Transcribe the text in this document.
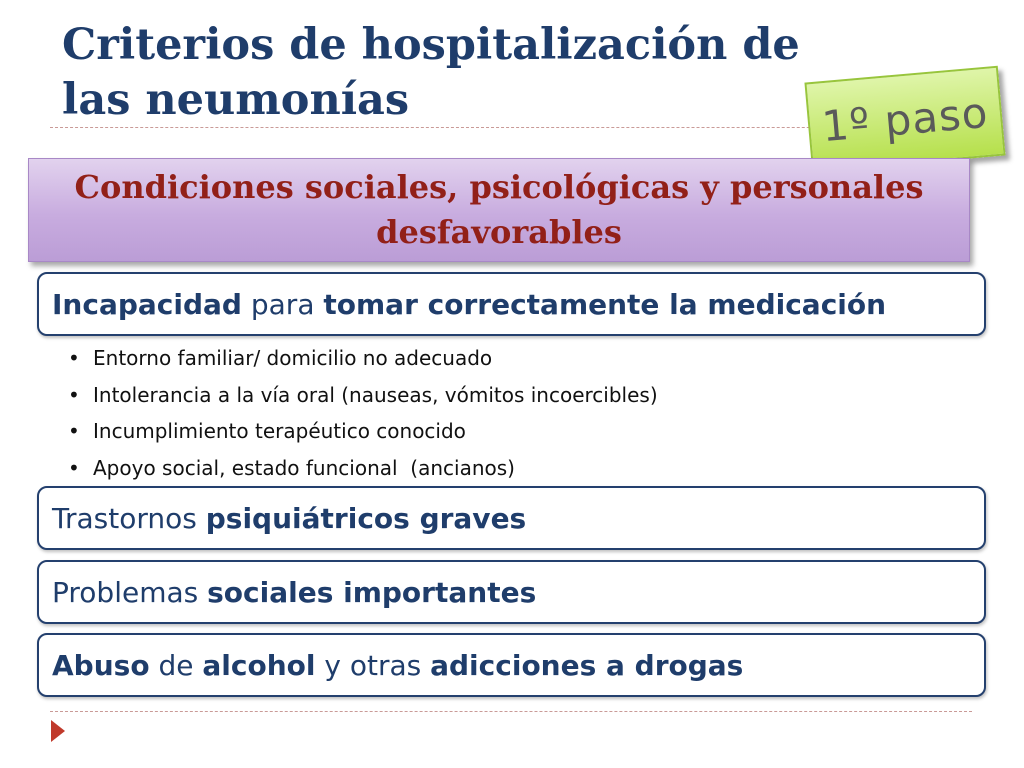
Criterios de hospitalización de
las neumonías	1º paso
Condiciones sociales, psicológicas y personales desfavorables
Incapacidad para tomar correctamente la medicación
• Entorno familiar/ domicilio no adecuado
• Intolerancia a la vía oral (nauseas, vómitos incoercibles)
• Incumplimiento terapéutico conocido
• Apoyo social, estado funcional  (ancianos)
Trastornos psiquiátricos graves
Problemas sociales importantes
Abuso de alcohol y otras adicciones a drogas
